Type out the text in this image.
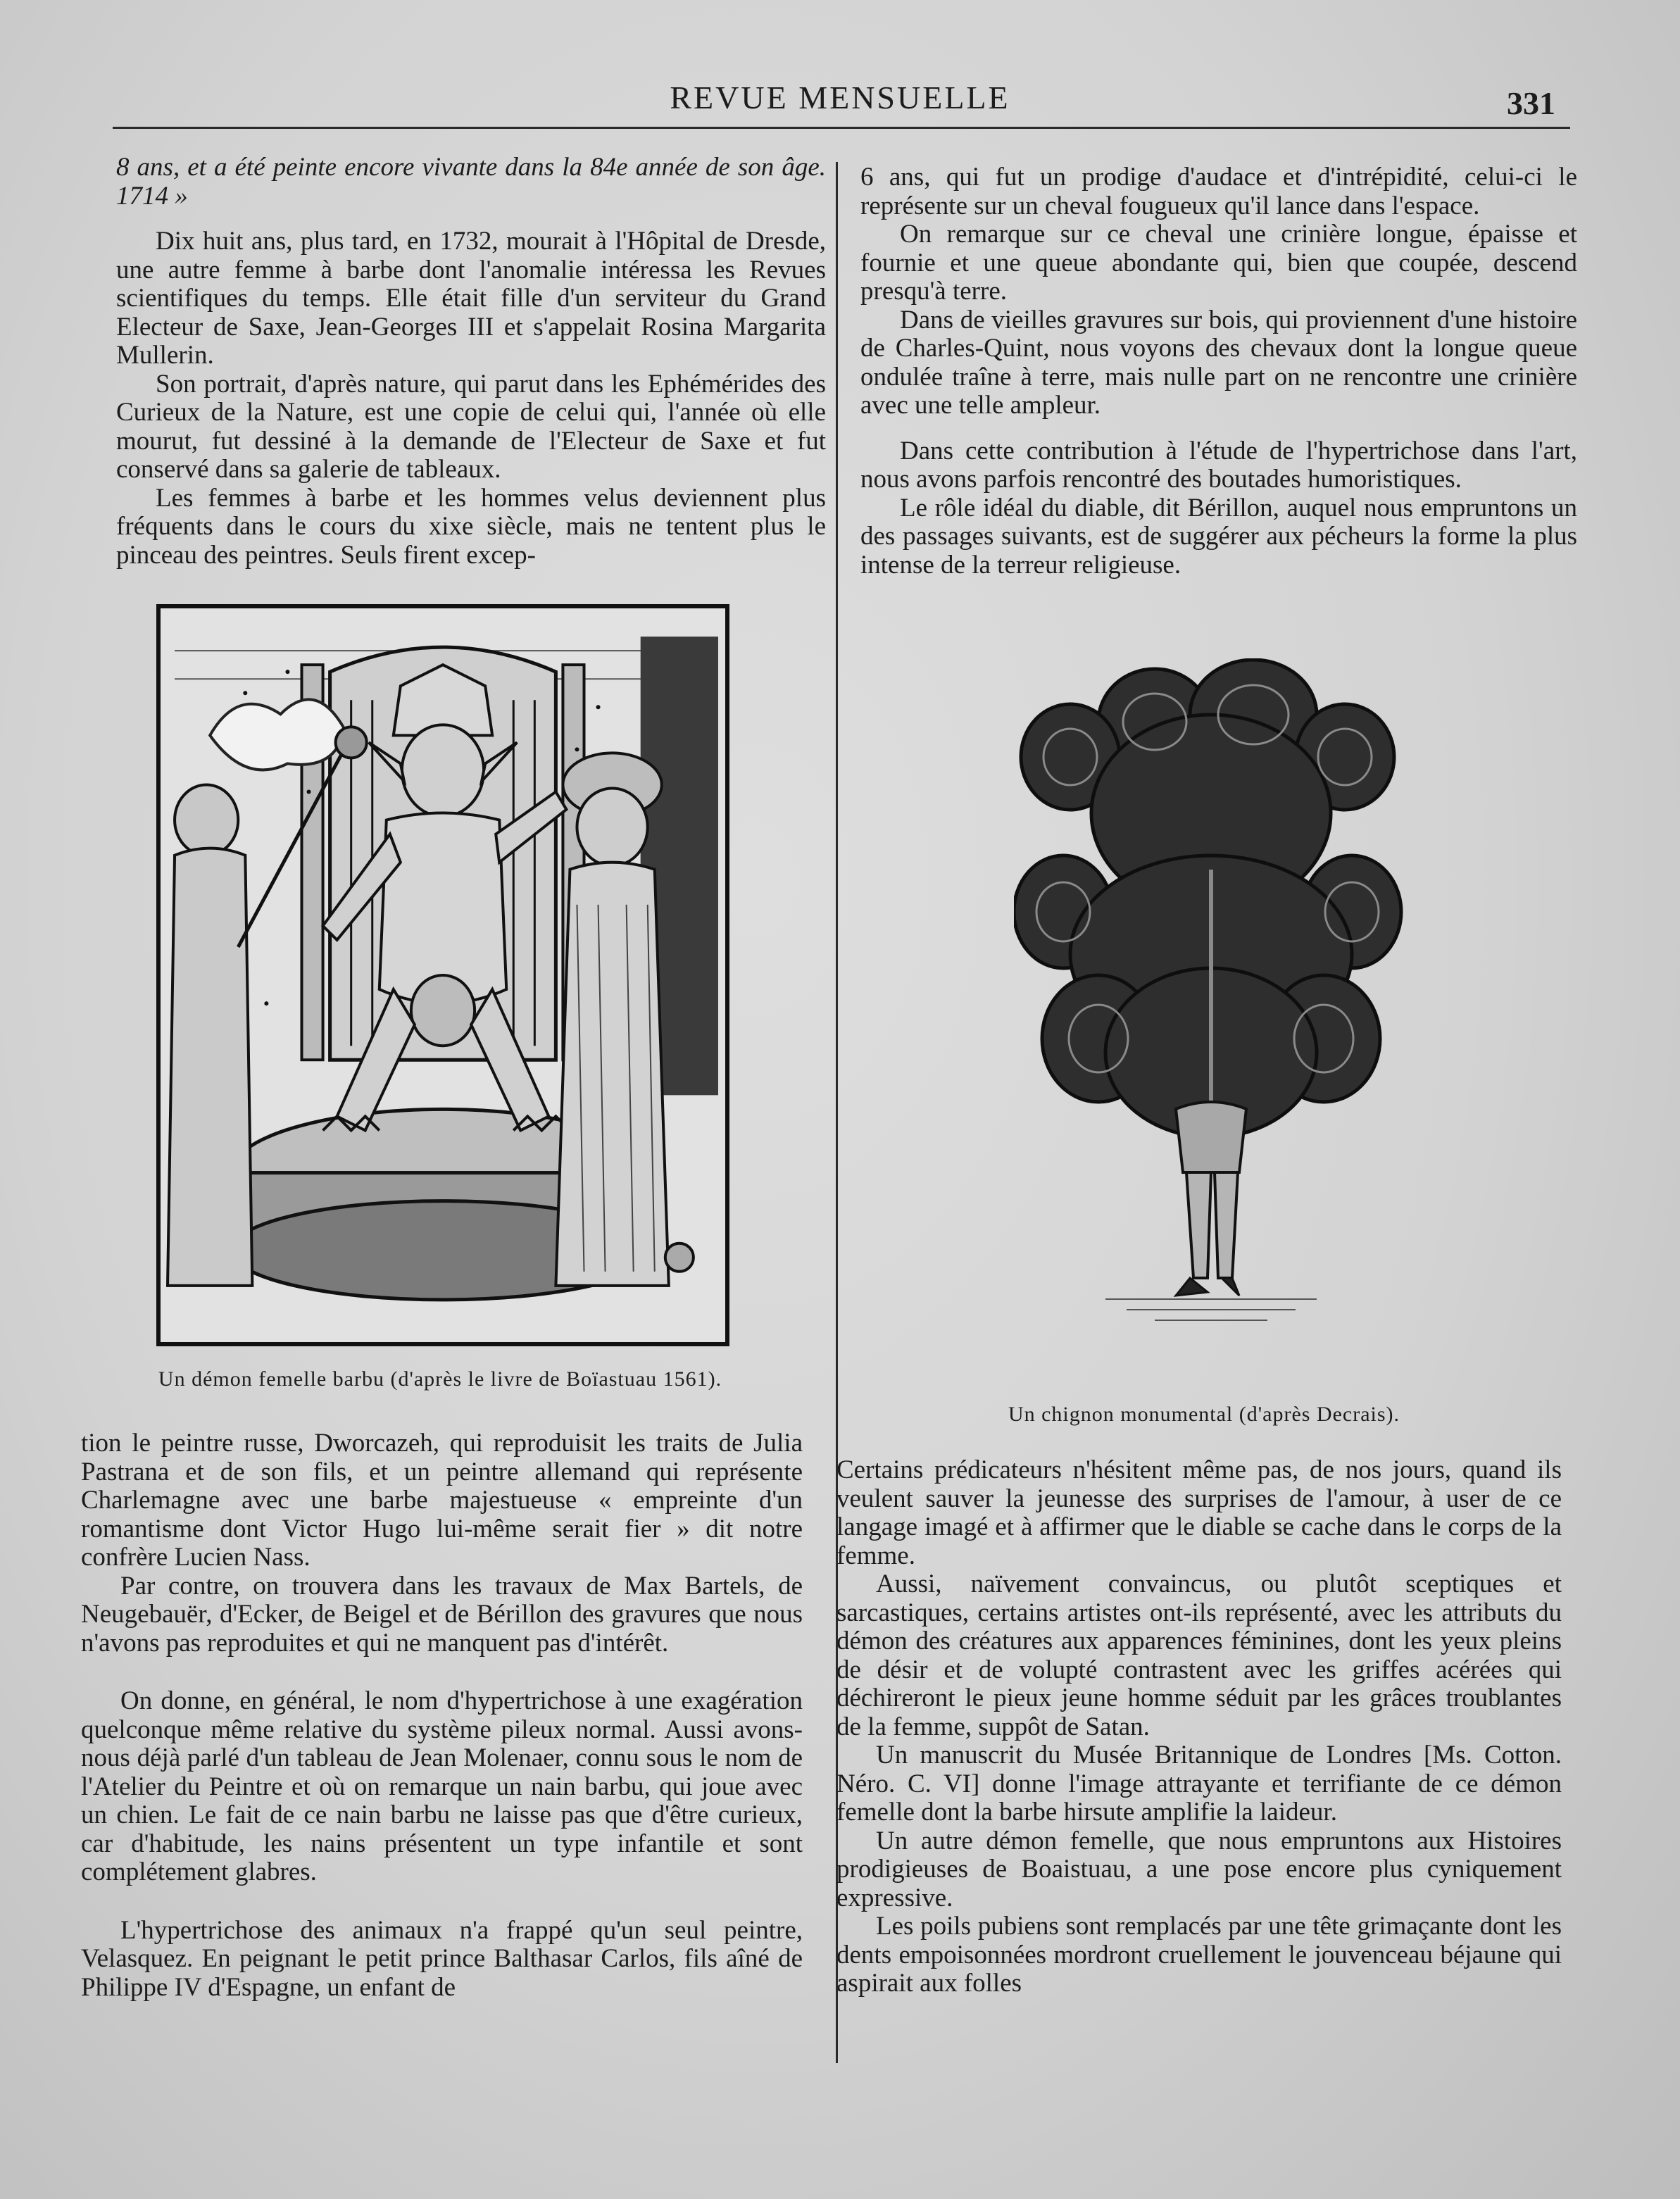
REVUE MENSUELLE	331

8 ans, et a été peinte encore vivante dans la 84e année de son âge. 1714 »

Dix huit ans, plus tard, en 1732, mourait à l'Hôpital de Dresde, une autre femme à barbe dont l'anomalie intéressa les Revues scientifiques du temps. Elle était fille d'un serviteur du Grand Electeur de Saxe, Jean-Georges III et s'appelait Rosina Margarita Mullerin.

Son portrait, d'après nature, qui parut dans les Ephémérides des Curieux de la Nature, est une copie de celui qui, l'année où elle mourut, fut dessiné à la demande de l'Electeur de Saxe et fut conservé dans sa galerie de tableaux.

Les femmes à barbe et les hommes velus deviennent plus fréquents dans le cours du xixe siècle, mais ne tentent plus le pinceau des peintres. Seuls firent excep-

Un démon femelle barbu (d'après le livre de Boïastuau 1561).

tion le peintre russe, Dworcazeh, qui reproduisit les traits de Julia Pastrana et de son fils, et un peintre allemand qui représente Charlemagne avec une barbe majestueuse « empreinte d'un romantisme dont Victor Hugo lui-même serait fier » dit notre confrère Lucien Nass.

Par contre, on trouvera dans les travaux de Max Bartels, de Neugebauër, d'Ecker, de Beigel et de Bérillon des gravures que nous n'avons pas reproduites et qui ne manquent pas d'intérêt.

On donne, en général, le nom d'hypertrichose à une exagération quelconque même relative du système pileux normal. Aussi avons-nous déjà parlé d'un tableau de Jean Molenaer, connu sous le nom de l'Atelier du Peintre et où on remarque un nain barbu, qui joue avec un chien. Le fait de ce nain barbu ne laisse pas que d'être curieux, car d'habitude, les nains présentent un type infantile et sont complétement glabres.

L'hypertrichose des animaux n'a frappé qu'un seul peintre, Velasquez. En peignant le petit prince Balthasar Carlos, fils aîné de Philippe IV d'Espagne, un enfant de

6 ans, qui fut un prodige d'audace et d'intrépidité, celui-ci le représente sur un cheval fougueux qu'il lance dans l'espace.

On remarque sur ce cheval une crinière longue, épaisse et fournie et une queue abondante qui, bien que coupée, descend presqu'à terre.

Dans de vieilles gravures sur bois, qui proviennent d'une histoire de Charles-Quint, nous voyons des chevaux dont la longue queue ondulée traîne à terre, mais nulle part on ne rencontre une crinière avec une telle ampleur.

Dans cette contribution à l'étude de l'hypertrichose dans l'art, nous avons parfois rencontré des boutades humoristiques.

Le rôle idéal du diable, dit Bérillon, auquel nous empruntons un des passages suivants, est de suggérer aux pécheurs la forme la plus intense de la terreur religieuse.

Un chignon monumental (d'après Decrais).

Certains prédicateurs n'hésitent même pas, de nos jours, quand ils veulent sauver la jeunesse des surprises de l'amour, à user de ce langage imagé et à affirmer que le diable se cache dans le corps de la femme.

Aussi, naïvement convaincus, ou plutôt sceptiques et sarcastiques, certains artistes ont-ils représenté, avec les attributs du démon des créatures aux apparences féminines, dont les yeux pleins de désir et de volupté contrastent avec les griffes acérées qui déchireront le pieux jeune homme séduit par les grâces troublantes de la femme, suppôt de Satan.

Un manuscrit du Musée Britannique de Londres [Ms. Cotton. Néro. C. VI] donne l'image attrayante et terrifiante de ce démon femelle dont la barbe hirsute amplifie la laideur.

Un autre démon femelle, que nous empruntons aux Histoires prodigieuses de Boaistuau, a une pose encore plus cyniquement expressive.

Les poils pubiens sont remplacés par une tête grimaçante dont les dents empoisonnées mordront cruellement le jouvenceau béjaune qui aspirait aux folles
